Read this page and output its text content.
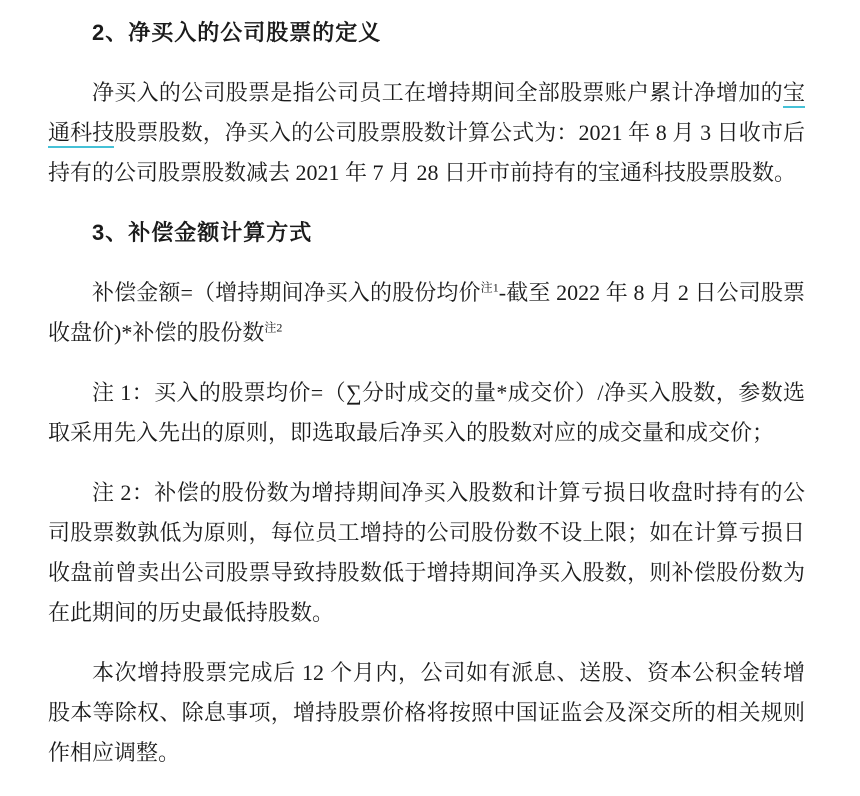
2、净买入的公司股票的定义

净买入的公司股票是指公司员工在增持期间全部股票账户累计净增加的宝通科技股票股数，净买入的公司股票股数计算公式为：2021 年 8 月 3 日收市后持有的公司股票股数减去 2021 年 7 月 28 日开市前持有的宝通科技股票股数。

3、补偿金额计算方式

补偿金额=（增持期间净买入的股份均价$^{注1}$-截至 2022 年 8 月 2 日公司股票收盘价)*补偿的股份数$^{注2}$

注 1：买入的股票均价=（∑分时成交的量*成交价）/净买入股数，参数选取采用先入先出的原则，即选取最后净买入的股数对应的成交量和成交价；

注 2：补偿的股份数为增持期间净买入股数和计算亏损日收盘时持有的公司股票数孰低为原则，每位员工增持的公司股份数不设上限；如在计算亏损日收盘前曾卖出公司股票导致持股数低于增持期间净买入股数，则补偿股份数为在此期间的历史最低持股数。

本次增持股票完成后 12 个月内，公司如有派息、送股、资本公积金转增股本等除权、除息事项，增持股票价格将按照中国证监会及深交所的相关规则作相应调整。
